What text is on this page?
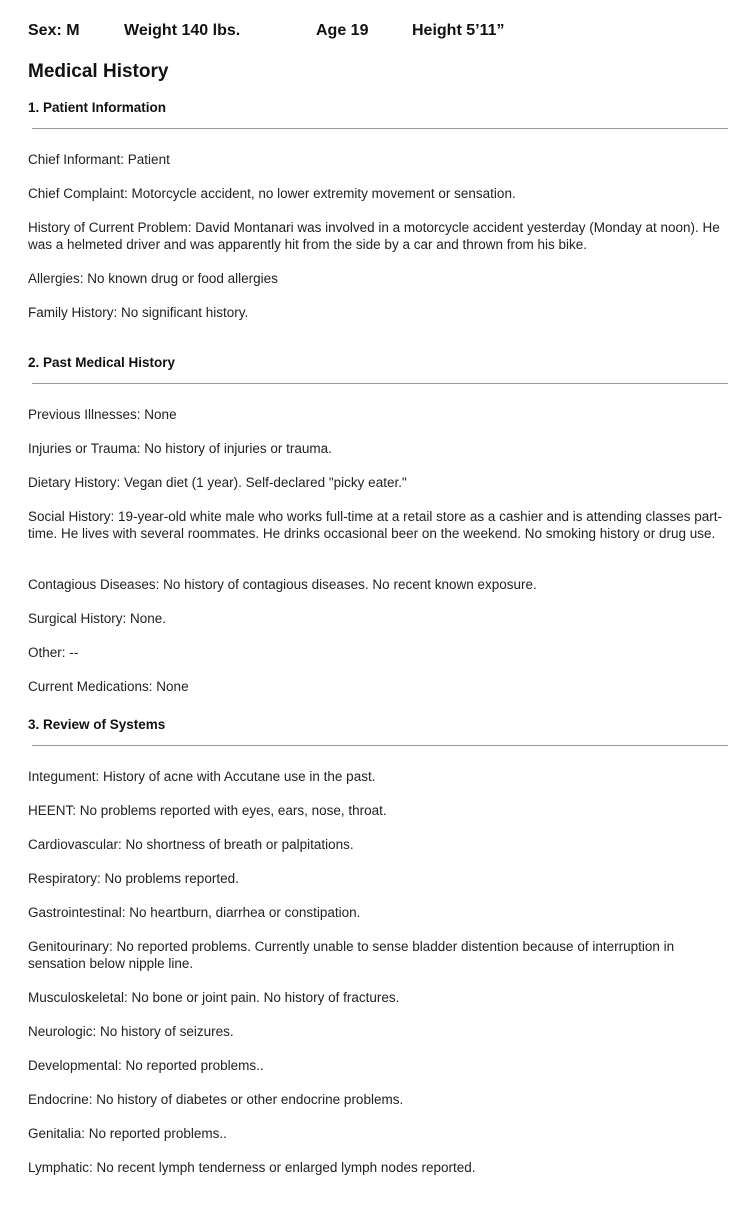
Sex: M	Weight 140 lbs.	Age 19	Height 5’11”
Medical History
1. Patient Information

Chief Informant: Patient

Chief Complaint: Motorcycle accident, no lower extremity movement or sensation.

History of Current Problem: David Montanari was involved in a motorcycle accident yesterday (Monday at noon). He was a helmeted driver and was apparently hit from the side by a car and thrown from his bike.

Allergies: No known drug or food allergies

Family History: No significant history.

2. Past Medical History

Previous Illnesses: None

Injuries or Trauma: No history of injuries or trauma.

Dietary History: Vegan diet (1 year). Self-declared "picky eater."

Social History: 19-year-old white male who works full-time at a retail store as a cashier and is attending classes part-time. He lives with several roommates. He drinks occasional beer on the weekend. No smoking history or drug use.

Contagious Diseases: No history of contagious diseases. No recent known exposure.

Surgical History: None.

Other: --

Current Medications: None

3. Review of Systems

Integument: History of acne with Accutane use in the past.

HEENT: No problems reported with eyes, ears, nose, throat.

Cardiovascular: No shortness of breath or palpitations.

Respiratory: No problems reported.

Gastrointestinal: No heartburn, diarrhea or constipation.

Genitourinary: No reported problems. Currently unable to sense bladder distention because of interruption in sensation below nipple line.

Musculoskeletal: No bone or joint pain. No history of fractures.

Neurologic: No history of seizures.

Developmental: No reported problems..

Endocrine: No history of diabetes or other endocrine problems.

Genitalia: No reported problems..

Lymphatic: No recent lymph tenderness or enlarged lymph nodes reported.
